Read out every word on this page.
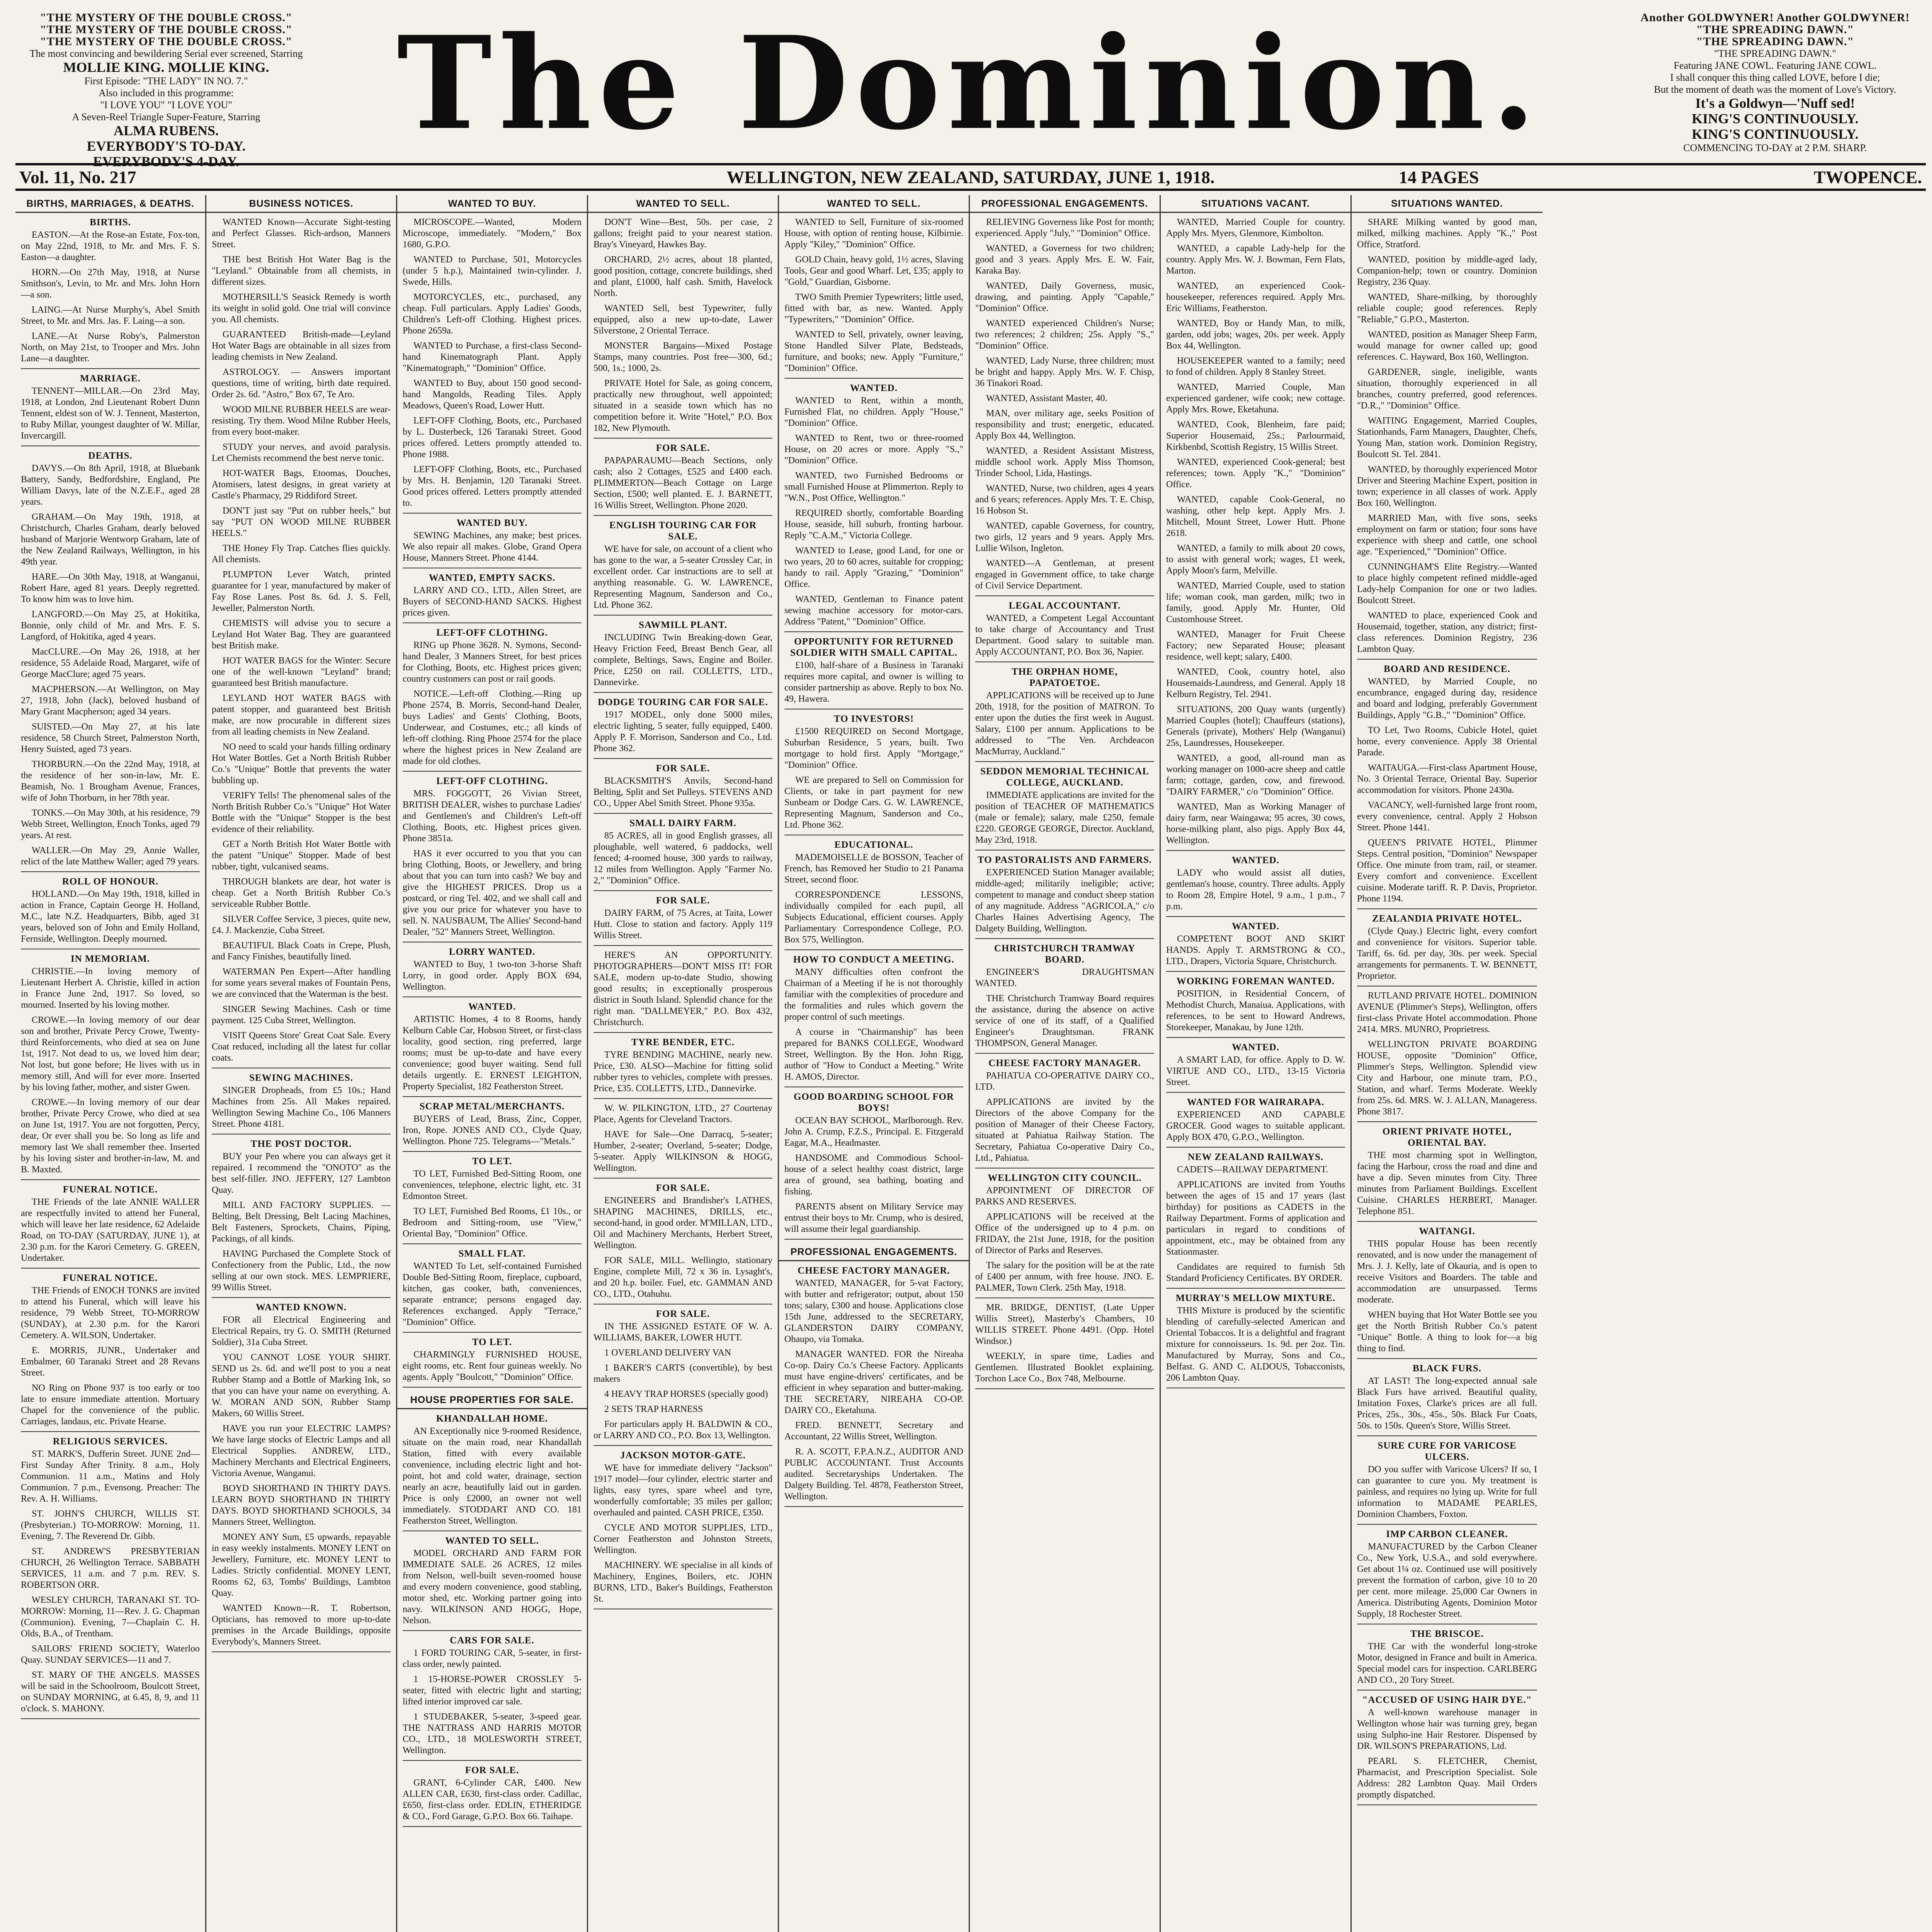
"THE MYSTERY OF THE DOUBLE CROSS."

"THE MYSTERY OF THE DOUBLE CROSS."

"THE MYSTERY OF THE DOUBLE CROSS."

The most convincing and bewildering Serial ever screened, Starring

MOLLIE KING. MOLLIE KING.

First Episode: "THE LADY" IN NO. 7."

Also included in this programme:

"I LOVE YOU" "I LOVE YOU"

A Seven-Reel Triangle Super-Feature, Starring

ALMA RUBENS.

EVERYBODY'S TO-DAY.

EVERYBODY'S 4-DAY.

The Dominion.	Another GOLDWYNER! Another GOLDWYNER!

"THE SPREADING DAWN."

"THE SPREADING DAWN."

"THE SPREADING DAWN."

Featuring JANE COWL. Featuring JANE COWL.

I shall conquer this thing called LOVE, before I die;

But the moment of death was the moment of Love's Victory.

It's a Goldwyn—'Nuff sed!

KING'S CONTINUOUSLY.

KING'S CONTINUOUSLY.

COMMENCING TO-DAY at 2 P.M. SHARP.

Vol. 11, No. 217	WELLINGTON, NEW ZEALAND, SATURDAY, JUNE 1, 1918.	14 PAGES	TWOPENCE.
BIRTHS, MARRIAGES, & DEATHS.
BIRTHS.

EASTON.—At the Rose-an Estate, Fox-ton, on May 22nd, 1918, to Mr. and Mrs. F. S. Easton—a daughter.

HORN.—On 27th May, 1918, at Nurse Smithson's, Levin, to Mr. and Mrs. John Horn—a son.

LAING.—At Nurse Murphy's, Abel Smith Street, to Mr. and Mrs. Jas. F. Laing—a son.

LANE.—At Nurse Roby's, Palmerston North, on May 21st, to Trooper and Mrs. John Lane—a daughter.

MARRIAGE.

TENNENT—MILLAR.—On 23rd May, 1918, at London, 2nd Lieutenant Robert Dunn Tennent, eldest son of W. J. Tennent, Masterton, to Ruby Millar, youngest daughter of W. Millar, Invercargill.

DEATHS.

DAVYS.—On 8th April, 1918, at Bluebank Battery, Sandy, Bedfordshire, England, Pte William Davys, late of the N.Z.E.F., aged 28 years.

GRAHAM.—On May 19th, 1918, at Christchurch, Charles Graham, dearly beloved husband of Marjorie Wentworp Graham, late of the New Zealand Railways, Wellington, in his 49th year.

HARE.—On 30th May, 1918, at Wanganui, Robert Hare, aged 81 years. Deeply regretted. To know him was to love him.

LANGFORD.—On May 25, at Hokitika, Bonnie, only child of Mr. and Mrs. F. S. Langford, of Hokitika, aged 4 years.

MacCLURE.—On May 26, 1918, at her residence, 55 Adelaide Road, Margaret, wife of George MacClure; aged 75 years.

MACPHERSON.—At Wellington, on May 27, 1918, John (Jack), beloved husband of Mary Grant Macpherson; aged 34 years.

SUISTED.—On May 27, at his late residence, 58 Church Street, Palmerston North, Henry Suisted, aged 73 years.

THORBURN.—On the 22nd May, 1918, at the residence of her son-in-law, Mr. E. Beamish, No. 1 Brougham Avenue, Frances, wife of John Thorburn, in her 78th year.

TONKS.—On May 30th, at his residence, 79 Webb Street, Wellington, Enoch Tonks, aged 79 years. At rest.

WALLER.—On May 29, Annie Waller, relict of the late Matthew Waller; aged 79 years.

ROLL OF HONOUR.

HOLLAND.—On May 19th, 1918, killed in action in France, Captain George H. Holland, M.C., late N.Z. Headquarters, Bibb, aged 31 years, beloved son of John and Emily Holland, Fernside, Wellington. Deeply mourned.

IN MEMORIAM.

CHRISTIE.—In loving memory of Lieutenant Herbert A. Christie, killed in action in France June 2nd, 1917. So loved, so mourned. Inserted by his loving mother.

CROWE.—In loving memory of our dear son and brother, Private Percy Crowe, Twenty-third Reinforcements, who died at sea on June 1st, 1917. Not dead to us, we loved him dear; Not lost, but gone before; He lives with us in memory still, And will for ever more. Inserted by his loving father, mother, and sister Gwen.

CROWE.—In loving memory of our dear brother, Private Percy Crowe, who died at sea on June 1st, 1917. You are not forgotten, Percy, dear, Or ever shall you be. So long as life and memory last We shall remember thee. Inserted by his loving sister and brother-in-law, M. and B. Maxted.

FUNERAL NOTICE.

THE Friends of the late ANNIE WALLER are respectfully invited to attend her Funeral, which will leave her late residence, 62 Adelaide Road, on TO-DAY (SATURDAY, JUNE 1), at 2.30 p.m. for the Karori Cemetery. G. GREEN, Undertaker.

FUNERAL NOTICE.

THE Friends of ENOCH TONKS are invited to attend his Funeral, which will leave his residence, 79 Webb Street, TO-MORROW (SUNDAY), at 2.30 p.m. for the Karori Cemetery. A. WILSON, Undertaker.

E. MORRIS, JUNR., Undertaker and Embalmer, 60 Taranaki Street and 28 Revans Street.

NO Ring on Phone 937 is too early or too late to ensure immediate attention. Mortuary Chapel for the convenience of the public. Carriages, landaus, etc. Private Hearse.

RELIGIOUS SERVICES.

ST. MARK'S, Dufferin Street. JUNE 2nd—First Sunday After Trinity. 8 a.m., Holy Communion. 11 a.m., Matins and Holy Communion. 7 p.m., Evensong. Preacher: The Rev. A. H. Williams.

ST. JOHN'S CHURCH, WILLIS ST. (Presbyterian.) TO-MORROW: Morning, 11. Evening, 7. The Reverend Dr. Gibb.

ST. ANDREW'S PRESBYTERIAN CHURCH, 26 Wellington Terrace. SABBATH SERVICES, 11 a.m. and 7 p.m. REV. S. ROBERTSON ORR.

WESLEY CHURCH, TARANAKI ST. TO-MORROW: Morning, 11—Rev. J. G. Chapman (Communion). Evening, 7—Chaplain C. H. Olds, B.A., of Trentham.

SAILORS' FRIEND SOCIETY, Waterloo Quay. SUNDAY SERVICES—11 and 7.

ST. MARY OF THE ANGELS. MASSES will be said in the Schoolroom, Boulcott Street, on SUNDAY MORNING, at 6.45, 8, 9, and 11 o'clock. S. MAHONY.

BUSINESS NOTICES.

WANTED Known—Accurate Sight-testing and Perfect Glasses. Rich-ardson, Manners Street.

THE best British Hot Water Bag is the "Leyland." Obtainable from all chemists, in different sizes.

MOTHERSILL'S Seasick Remedy is worth its weight in solid gold. One trial will convince you. All chemists.

GUARANTEED British-made—Leyland Hot Water Bags are obtainable in all sizes from leading chemists in New Zealand.

ASTROLOGY. — Answers important questions, time of writing, birth date required. Order 2s. 6d. "Astro," Box 67, Te Aro.

WOOD MILNE RUBBER HEELS are wear-resisting. Try them. Wood Milne Rubber Heels, from every boot-maker.

STUDY your nerves, and avoid paralysis. Let Chemists recommend the best nerve tonic.

HOT-WATER Bags, Etoomas, Douches, Atomisers, latest designs, in great variety at Castle's Pharmacy, 29 Riddiford Street.

DON'T just say "Put on rubber heels," but say "PUT ON WOOD MILNE RUBBER HEELS."

THE Honey Fly Trap. Catches flies quickly. All chemists.

PLUMPTON Lever Watch, printed guarantee for 1 year, manufactured by maker of Fay Rose Lanes. Post 8s. 6d. J. S. Fell, Jeweller, Palmerston North.

CHEMISTS will advise you to secure a Leyland Hot Water Bag. They are guaranteed best British make.

HOT WATER BAGS for the Winter: Secure one of the well-known "Leyland" brand; guaranteed best British manufacture.

LEYLAND HOT WATER BAGS with patent stopper, and guaranteed best British make, are now procurable in different sizes from all leading chemists in New Zealand.

NO need to scald your hands filling ordinary Hot Water Bottles. Get a North British Rubber Co.'s "Unique" Bottle that prevents the water bubbling up.

VERIFY Tells! The phenomenal sales of the North British Rubber Co.'s "Unique" Hot Water Bottle with the "Unique" Stopper is the best evidence of their reliability.

GET a North British Hot Water Bottle with the patent "Unique" Stopper. Made of best rubber, tight, vulcanised seams.

THROUGH blankets are dear, hot water is cheap. Get a North British Rubber Co.'s serviceable Rubber Bottle.

SILVER Coffee Service, 3 pieces, quite new, £4. J. Mackenzie, Cuba Street.

BEAUTIFUL Black Coats in Crepe, Plush, and Fancy Finishes, beautifully lined.

WATERMAN Pen Expert—After handling for some years several makes of Fountain Pens, we are convinced that the Waterman is the best.

SINGER Sewing Machines. Cash or time payment. 125 Cuba Street, Wellington.

VISIT Queens Store' Great Coat Sale. Every Coat reduced, including all the latest fur collar coats.

SEWING MACHINES.

SINGER Dropheads, from £5 10s.; Hand Machines from 25s. All Makes repaired. Wellington Sewing Machine Co., 106 Manners Street. Phone 4181.

THE POST DOCTOR.

BUY your Pen where you can always get it repaired. I recommend the "ONOTO" as the best self-filler. JNO. JEFFERY, 127 Lambton Quay.

MILL AND FACTORY SUPPLIES. —Belting, Belt Dressing, Belt Lacing Machines, Belt Fasteners, Sprockets, Chains, Piping, Packings, of all kinds.

HAVING Purchased the Complete Stock of Confectionery from the Public, Ltd., the now selling at our own stock. MES. LEMPRIERE, 99 Willis Street.

WANTED KNOWN.

FOR all Electrical Engineering and Electrical Repairs, try G. O. SMITH (Returned Soldier), 31a Cuba Street.

YOU CANNOT LOSE YOUR SHIRT. SEND us 2s. 6d. and we'll post to you a neat Rubber Stamp and a Bottle of Marking Ink, so that you can have your name on everything. A. W. MORAN AND SON, Rubber Stamp Makers, 60 Willis Street.

HAVE you run your ELECTRIC LAMPS? We have large stocks of Electric Lamps and all Electrical Supplies. ANDREW, LTD., Machinery Merchants and Electrical Engineers, Victoria Avenue, Wanganui.

BOYD SHORTHAND IN THIRTY DAYS. LEARN BOYD SHORTHAND IN THIRTY DAYS. BOYD SHORTHAND SCHOOLS, 34 Manners Street, Wellington.

MONEY ANY Sum, £5 upwards, repayable in easy weekly instalments. MONEY LENT on Jewellery, Furniture, etc. MONEY LENT to Ladies. Strictly confidential. MONEY LENT, Rooms 62, 63, Tombs' Buildings, Lambton Quay.

WANTED Known—R. T. Robertson, Opticians, has removed to more up-to-date premises in the Arcade Buildings, opposite Everybody's, Manners Street.

WANTED TO BUY.

MICROSCOPE.—Wanted, Modern Microscope, immediately. "Modern," Box 1680, G.P.O.

WANTED to Purchase, 501, Motorcycles (under 5 h.p.), Maintained twin-cylinder. J. Swede, Hills.

MOTORCYCLES, etc., purchased, any cheap. Full particulars. Apply Ladies' Goods, Children's Left-off Clothing. Highest prices. Phone 2659a.

WANTED to Purchase, a first-class Second-hand Kinematograph Plant. Apply "Kinematograph," "Dominion" Office.

WANTED to Buy, about 150 good second-hand Mangolds, Reading Tiles. Apply Meadows, Queen's Road, Lower Hutt.

LEFT-OFF Clothing, Boots, etc., Purchased by L. Dusterbeck, 126 Taranaki Street. Good prices offered. Letters promptly attended to. Phone 1988.

LEFT-OFF Clothing, Boots, etc., Purchased by Mrs. H. Benjamin, 120 Taranaki Street. Good prices offered. Letters promptly attended to.

WANTED BUY.

SEWING Machines, any make; best prices. We also repair all makes. Globe, Grand Opera House, Manners Street. Phone 4144.

WANTED, EMPTY SACKS.

LARRY AND CO., LTD., Allen Street, are Buyers of SECOND-HAND SACKS. Highest prices given.

LEFT-OFF CLOTHING.

RING up Phone 3628. N. Symons, Second-hand Dealer, 3 Manners Street, for best prices for Clothing, Boots, etc. Highest prices given; country customers can post or rail goods.

NOTICE.—Left-off Clothing.—Ring up Phone 2574, B. Morris, Second-hand Dealer, buys Ladies' and Gents' Clothing, Boots, Underwear, and Costumes, etc.; all kinds of left-off clothing. Ring Phone 2574 for the place where the highest prices in New Zealand are made for old clothes.

LEFT-OFF CLOTHING.

MRS. FOGGOTT, 26 Vivian Street, BRITISH DEALER, wishes to purchase Ladies' and Gentlemen's and Children's Left-off Clothing, Boots, etc. Highest prices given. Phone 3851a.

HAS it ever occurred to you that you can bring Clothing, Boots, or Jewellery, and bring about that you can turn into cash? We buy and give the HIGHEST PRICES. Drop us a postcard, or ring Tel. 402, and we shall call and give you our price for whatever you have to sell. N. NAUSBAUM, The Allies' Second-hand Dealer, "52" Manners Street, Wellington.

LORRY WANTED.

WANTED to Buy, 1 two-ton 3-horse Shaft Lorry, in good order. Apply BOX 694, Wellington.

WANTED.

ARTISTIC Homes, 4 to 8 Rooms, handy Kelburn Cable Car, Hobson Street, or first-class locality, good section, ring preferred, large rooms; must be up-to-date and have every convenience; good buyer waiting. Send full details urgently. E. ERNEST LEIGHTON, Property Specialist, 182 Featherston Street.

SCRAP METAL/MERCHANTS.

BUYERS of Lead, Brass, Zinc, Copper, Iron, Rope. JONES AND CO., Clyde Quay, Wellington. Phone 725. Telegrams—"Metals."

TO LET.

TO LET, Furnished Bed-Sitting Room, one conveniences, telephone, electric light, etc. 31 Edmonton Street.

TO LET, Furnished Bed Rooms, £1 10s., or Bedroom and Sitting-room, use "View," Oriental Bay, "Dominion" Office.

SMALL FLAT.

WANTED To Let, self-contained Furnished Double Bed-Sitting Room, fireplace, cupboard, kitchen, gas cooker, bath, conveniences, separate entrance; persons engaged day. References exchanged. Apply "Terrace," "Dominion" Office.

TO LET.

CHARMINGLY FURNISHED HOUSE, eight rooms, etc. Rent four guineas weekly. No agents. Apply "Boulcott," "Dominion" Office.

HOUSE PROPERTIES FOR SALE.
KHANDALLAH HOME.

AN Exceptionally nice 9-roomed Residence, situate on the main road, near Khandallah Station, fitted with every available convenience, including electric light and hot-point, hot and cold water, drainage, section nearly an acre, beautifully laid out in garden. Price is only £2000, an owner not well immediately. STODDART AND CO. 181 Featherston Street, Wellington.

WANTED TO SELL.

MODEL ORCHARD AND FARM FOR IMMEDIATE SALE. 26 ACRES, 12 miles from Nelson, well-built seven-roomed house and every modern convenience, good stabling, motor shed, etc. Working partner going into navy. WILKINSON AND HOGG, Hope, Nelson.

CARS FOR SALE.

1 FORD TOURING CAR, 5-seater, in first-class order, newly painted.

1 15-HORSE-POWER CROSSLEY 5-seater, fitted with electric light and starting; lifted interior improved car sale.

1 STUDEBAKER, 5-seater, 3-speed gear. THE NATTRASS AND HARRIS MOTOR CO., LTD., 18 MOLESWORTH STREET, Wellington.

FOR SALE.

GRANT, 6-Cylinder CAR, £400. New ALLEN CAR, £630, first-class order. Cadillac, £650, first-class order. EDLIN, ETHERIDGE & CO., Ford Garage, G.P.O. Box 66. Taihape.

WANTED TO SELL.

DON'T Wine—Best, 50s. per case, 2 gallons; freight paid to your nearest station. Bray's Vineyard, Hawkes Bay.

ORCHARD, 2½ acres, about 18 planted, good position, cottage, concrete buildings, shed and plant, £1000, half cash. Smith, Havelock North.

WANTED Sell, best Typewriter, fully equipped, also a new up-to-date, Lawer Silverstone, 2 Oriental Terrace.

MONSTER Bargains—Mixed Postage Stamps, many countries. Post free—300, 6d.; 500, 1s.; 1000, 2s.

PRIVATE Hotel for Sale, as going concern, practically new throughout, well appointed; situated in a seaside town which has no competition before it. Write "Hotel," P.O. Box 182, New Plymouth.

FOR SALE.

PAPAPARAUMU—Beach Sections, only cash; also 2 Cottages, £525 and £400 each. PLIMMERTON—Beach Cottage on Large Section, £500; well planted. E. J. BARNETT, 16 Willis Street, Wellington. Phone 2020.

ENGLISH TOURING CAR FOR SALE.

WE have for sale, on account of a client who has gone to the war, a 5-seater Crossley Car, in excellent order. Car instructions are to sell at anything reasonable. G. W. LAWRENCE, Representing Magnum, Sanderson and Co., Ltd. Phone 362.

SAWMILL PLANT.

INCLUDING Twin Breaking-down Gear, Heavy Friction Feed, Breast Bench Gear, all complete, Beltings, Saws, Engine and Boiler. Price, £250 on rail. COLLETTS, LTD., Dannevirke.

DODGE TOURING CAR FOR SALE.

1917 MODEL, only done 5000 miles, electric lighting, 5 seater, fully equipped, £400. Apply P. F. Morrison, Sanderson and Co., Ltd. Phone 362.

FOR SALE.

BLACKSMITH'S Anvils, Second-hand Belting, Split and Set Pulleys. STEVENS AND CO., Upper Abel Smith Street. Phone 935a.

SMALL DAIRY FARM.

85 ACRES, all in good English grasses, all ploughable, well watered, 6 paddocks, well fenced; 4-roomed house, 300 yards to railway, 12 miles from Wellington. Apply "Farmer No. 2," "Dominion" Office.

FOR SALE.

DAIRY FARM, of 75 Acres, at Taita, Lower Hutt. Close to station and factory. Apply 119 Willis Street.

HERE'S AN OPPORTUNITY. PHOTOGRAPHERS—DON'T MISS IT! FOR SALE, modern up-to-date Studio, showing good results; in exceptionally prosperous district in South Island. Splendid chance for the right man. "DALLMEYER," P.O. Box 432, Christchurch.

TYRE BENDER, ETC.

TYRE BENDING MACHINE, nearly new. Price, £30. ALSO—Machine for fitting solid rubber tyres to vehicles, complete with presses. Price, £35. COLLETTS, LTD., Dannevirke.

W. W. PILKINGTON, LTD., 27 Courtenay Place, Agents for Cleveland Tractors.

HAVE for Sale—One Darracq, 5-seater; Humber, 2-seater; Overland, 5-seater; Dodge, 5-seater. Apply WILKINSON & HOGG, Wellington.

FOR SALE.

ENGINEERS and Brandisher's LATHES, SHAPING MACHINES, DRILLS, etc., second-hand, in good order. M'MILLAN, LTD., Oil and Machinery Merchants, Herbert Street, Wellington.

FOR SALE, MILL. Wellingto, stationary Engine, complete Mill, 72 x 36 in. Lysaght's, and 20 h.p. boiler. Fuel, etc. GAMMAN AND CO., LTD., Otahuhu.

FOR SALE.

IN THE ASSIGNED ESTATE OF W. A. WILLIAMS, BAKER, LOWER HUTT.

1 OVERLAND DELIVERY VAN

1 BAKER'S CARTS (convertible), by best makers

4 HEAVY TRAP HORSES (specially good)

2 SETS TRAP HARNESS

For particulars apply H. BALDWIN & CO., or LARRY AND CO., P.O. Box 13, Wellington.

JACKSON MOTOR-GATE.

WE have for immediate delivery "Jackson" 1917 model—four cylinder, electric starter and lights, easy tyres, spare wheel and tyre, wonderfully comfortable; 35 miles per gallon; overhauled and painted. CASH PRICE, £350.

CYCLE AND MOTOR SUPPLIES, LTD., Corner Featherston and Johnston Streets, Wellington.

MACHINERY. WE specialise in all kinds of Machinery, Engines, Boilers, etc. JOHN BURNS, LTD., Baker's Buildings, Featherston St.

WANTED TO SELL.

WANTED to Sell, Furniture of six-roomed House, with option of renting house, Kilbirnie. Apply "Kiley," "Dominion" Office.

GOLD Chain, heavy gold, 1½ acres, Slaving Tools, Gear and good Wharf. Let, £35; apply to "Gold," Guardian, Gisborne.

TWO Smith Premier Typewriters; little used, fitted with bar, as new. Wanted. Apply "Typewriters," "Dominion" Office.

WANTED to Sell, privately, owner leaving, Stone Handled Silver Plate, Bedsteads, furniture, and books; new. Apply "Furniture," "Dominion" Office.

WANTED.

WANTED to Rent, within a month, Furnished Flat, no children. Apply "House," "Dominion" Office.

WANTED to Rent, two or three-roomed House, on 20 acres or more. Apply "S.," "Dominion" Office.

WANTED, two Furnished Bedrooms or small Furnished House at Plimmerton. Reply to "W.N., Post Office, Wellington."

REQUIRED shortly, comfortable Boarding House, seaside, hill suburb, fronting harbour. Reply "C.A.M.," Victoria College.

WANTED to Lease, good Land, for one or two years, 20 to 60 acres, suitable for cropping; handy to rail. Apply "Grazing," "Dominion" Office.

WANTED, Gentleman to Finance patent sewing machine accessory for motor-cars. Address "Patent," "Dominion" Office.

OPPORTUNITY FOR RETURNED SOLDIER WITH SMALL CAPITAL.

£100, half-share of a Business in Taranaki requires more capital, and owner is willing to consider partnership as above. Reply to box No. 49, Hawera.

TO INVESTORS!

£1500 REQUIRED on Second Mortgage, Suburban Residence, 5 years, built. Two mortgage to hold first. Apply "Mortgage," "Dominion" Office.

WE are prepared to Sell on Commission for Clients, or take in part payment for new Sunbeam or Dodge Cars. G. W. LAWRENCE, Representing Magnum, Sanderson and Co., Ltd. Phone 362.

EDUCATIONAL.

MADEMOISELLE de BOSSON, Teacher of French, has Removed her Studio to 21 Panama Street, second floor.

CORRESPONDENCE LESSONS, individually compiled for each pupil, all Subjects Educational, efficient courses. Apply Parliamentary Correspondence College, P.O. Box 575, Wellington.

HOW TO CONDUCT A MEETING.

MANY difficulties often confront the Chairman of a Meeting if he is not thoroughly familiar with the complexities of procedure and the formalities and rules which govern the proper control of such meetings.

A course in "Chairmanship" has been prepared for BANKS COLLEGE, Woodward Street, Wellington. By the Hon. John Rigg, author of "How to Conduct a Meeting." Write H. AMOS, Director.

GOOD BOARDING SCHOOL FOR BOYS!

OCEAN BAY SCHOOL, Marlborough. Rev. John A. Crump, F.Z.S., Principal. E. Fitzgerald Eagar, M.A., Headmaster.

HANDSOME and Commodious School-house of a select healthy coast district, large area of ground, sea bathing, boating and fishing.

PARENTS absent on Military Service may entrust their boys to Mr. Crump, who is desired, will assume their legal guardianship.

PROFESSIONAL ENGAGEMENTS.
CHEESE FACTORY MANAGER.

WANTED, MANAGER, for 5-vat Factory, with butter and refrigerator; output, about 150 tons; salary, £300 and house. Applications close 15th June, addressed to the SECRETARY, GLANDERSTON DAIRY COMPANY, Ohaupo, via Tomaka.

MANAGER WANTED. FOR the Nireaha Co-op. Dairy Co.'s Cheese Factory. Applicants must have engine-drivers' certificates, and be efficient in whey separation and butter-making. THE SECRETARY, NIREAHA CO-OP. DAIRY CO., Eketahuna.

FRED. BENNETT, Secretary and Accountant, 22 Willis Street, Wellington.

R. A. SCOTT, F.P.A.N.Z., AUDITOR AND PUBLIC ACCOUNTANT. Trust Accounts audited. Secretaryships Undertaken. The Dalgety Building. Tel. 4878, Featherston Street, Wellington.

PROFESSIONAL ENGAGEMENTS.

RELIEVING Governess like Post for month; experienced. Apply "July," "Dominion" Office.

WANTED, a Governess for two children; good and 3 years. Apply Mrs. E. W. Fair, Karaka Bay.

WANTED, Daily Governess, music, drawing, and painting. Apply "Capable," "Dominion" Office.

WANTED experienced Children's Nurse; two references; 2 children; 25s. Apply "S.," "Dominion" Office.

WANTED, Lady Nurse, three children; must be bright and happy. Apply Mrs. W. F. Chisp, 36 Tinakori Road.

WANTED, Assistant Master, 40.

MAN, over military age, seeks Position of responsibility and trust; energetic, educated. Apply Box 44, Wellington.

WANTED, a Resident Assistant Mistress, middle school work. Apply Miss Thomson, Trinder School, Lida, Hastings.

WANTED, Nurse, two children, ages 4 years and 6 years; references. Apply Mrs. T. E. Chisp, 16 Hobson St.

WANTED, capable Governess, for country, two girls, 12 years and 9 years. Apply Mrs. Lullie Wilson, Ingleton.

WANTED—A Gentleman, at present engaged in Government office, to take charge of Civil Service Department.

LEGAL ACCOUNTANT.

WANTED, a Competent Legal Accountant to take charge of Accountancy and Trust Department. Good salary to suitable man. Apply ACCOUNTANT, P.O. Box 36, Napier.

THE ORPHAN HOME, PAPATOETOE.

APPLICATIONS will be received up to June 20th, 1918, for the position of MATRON. To enter upon the duties the first week in August. Salary, £100 per annum. Applications to be addressed to "The Ven. Archdeacon MacMurray, Auckland."

SEDDON MEMORIAL TECHNICAL COLLEGE, AUCKLAND.

IMMEDIATE applications are invited for the position of TEACHER OF MATHEMATICS (male or female); salary, male £250, female £220. GEORGE GEORGE, Director. Auckland, May 23rd, 1918.

TO PASTORALISTS AND FARMERS.

EXPERIENCED Station Manager available; middle-aged; militarily ineligible; active; competent to manage and conduct sheep station of any magnitude. Address "AGRICOLA," c/o Charles Haines Advertising Agency, The Dalgety Building, Wellington.

CHRISTCHURCH TRAMWAY BOARD.

ENGINEER'S DRAUGHTSMAN WANTED.

THE Christchurch Tramway Board requires the assistance, during the absence on active service of one of its staff, of a Qualified Engineer's Draughtsman. FRANK THOMPSON, General Manager.

CHEESE FACTORY MANAGER.

PAHIATUA CO-OPERATIVE DAIRY CO., LTD.

APPLICATIONS are invited by the Directors of the above Company for the position of Manager of their Cheese Factory, situated at Pahiatua Railway Station. The Secretary, Pahiatua Co-operative Dairy Co., Ltd., Pahiatua.

WELLINGTON CITY COUNCIL.

APPOINTMENT OF DIRECTOR OF PARKS AND RESERVES.

APPLICATIONS will be received at the Office of the undersigned up to 4 p.m. on FRIDAY, the 21st June, 1918, for the position of Director of Parks and Reserves.

The salary for the position will be at the rate of £400 per annum, with free house. JNO. E. PALMER, Town Clerk. 25th May, 1918.

MR. BRIDGE, DENTIST, (Late Upper Willis Street), Masterby's Chambers, 10 WILLIS STREET. Phone 4491. (Opp. Hotel Windsor.)

WEEKLY, in spare time, Ladies and Gentlemen. Illustrated Booklet explaining. Torchon Lace Co., Box 748, Melbourne.

SITUATIONS VACANT.

WANTED, Married Couple for country. Apply Mrs. Myers, Glenmore, Kimbolton.

WANTED, a capable Lady-help for the country. Apply Mrs. W. J. Bowman, Fern Flats, Marton.

WANTED, an experienced Cook-housekeeper, references required. Apply Mrs. Eric Williams, Featherston.

WANTED, Boy or Handy Man, to milk, garden, odd jobs; wages, 20s. per week. Apply Box 44, Wellington.

HOUSEKEEPER wanted to a family; need to fond of children. Apply 8 Stanley Street.

WANTED, Married Couple, Man experienced gardener, wife cook; new cottage. Apply Mrs. Rowe, Eketahuna.

WANTED, Cook, Blenheim, fare paid; Superior Housemaid, 25s.; Parlourmaid, Kirkbenbd, Scottish Registry, 15 Willis Street.

WANTED, experienced Cook-general; best references; town. Apply "K.," "Dominion" Office.

WANTED, capable Cook-General, no washing, other help kept. Apply Mrs. J. Mitchell, Mount Street, Lower Hutt. Phone 2618.

WANTED, a family to milk about 20 cows, to assist with general work; wages, £1 week, Apply Moon's farm, Melville.

WANTED, Married Couple, used to station life; woman cook, man garden, milk; two in family, good. Apply Mr. Hunter, Old Customhouse Street.

WANTED, Manager for Fruit Cheese Factory; new Separated House; pleasant residence, well kept; salary, £400.

WANTED, Cook, country hotel, also Housemaids-Laundress, and General. Apply 18 Kelburn Registry, Tel. 2941.

SITUATIONS, 200 Quay wants (urgently) Married Couples (hotel); Chauffeurs (stations), Generals (private), Mothers' Help (Wanganui) 25s, Laundresses, Housekeeper.

WANTED, a good, all-round man as working manager on 1000-acre sheep and cattle farm; cottage, garden, cow, and firewood. "DAIRY FARMER," c/o "Dominion" Office.

WANTED, Man as Working Manager of dairy farm, near Waingawa; 95 acres, 30 cows, horse-milking plant, also pigs. Apply Box 44, Wellington.

WANTED.

LADY who would assist all duties, gentleman's house, country. Three adults. Apply to Room 28, Empire Hotel, 9 a.m., 1 p.m., 7 p.m.

WANTED.

COMPETENT BOOT AND SKIRT HANDS. Apply T. ARMSTRONG & CO., LTD., Drapers, Victoria Square, Christchurch.

WORKING FOREMAN WANTED.

POSITION, in Residential Concern, of Methodist Church, Manaiua. Applications, with references, to be sent to Howard Andrews, Storekeeper, Manakau, by June 12th.

WANTED.

A SMART LAD, for office. Apply to D. W. VIRTUE AND CO., LTD., 13-15 Victoria Street.

WANTED FOR WAIRARAPA.

EXPERIENCED AND CAPABLE GROCER. Good wages to suitable applicant. Apply BOX 470, G.P.O., Wellington.

NEW ZEALAND RAILWAYS.

CADETS—RAILWAY DEPARTMENT.

APPLICATIONS are invited from Youths between the ages of 15 and 17 years (last birthday) for positions as CADETS in the Railway Department. Forms of application and particulars in regard to conditions of appointment, etc., may be obtained from any Stationmaster.

Candidates are required to furnish 5th Standard Proficiency Certificates. BY ORDER.

MURRAY'S MELLOW MIXTURE.

THIS Mixture is produced by the scientific blending of carefully-selected American and Oriental Tobaccos. It is a delightful and fragrant mixture for connoisseurs. 1s. 9d. per 2oz. Tin. Manufactured by Murray, Sons and Co., Belfast. G. AND C. ALDOUS, Tobacconists, 206 Lambton Quay.

SITUATIONS WANTED.

SHARE Milking wanted by good man, milked, milking machines. Apply "K.," Post Office, Stratford.

WANTED, position by middle-aged lady, Companion-help; town or country. Dominion Registry, 236 Quay.

WANTED, Share-milking, by thoroughly reliable couple; good references. Reply "Reliable," G.P.O., Masterton.

WANTED, position as Manager Sheep Farm, would manage for owner called up; good references. C. Hayward, Box 160, Wellington.

GARDENER, single, ineligible, wants situation, thoroughly experienced in all branches, country preferred, good references. "D.R.," "Dominion" Office.

WAITING Engagement, Married Couples, Stationhands, Farm Managers, Daughter, Chefs, Young Man, station work. Dominion Registry, Boulcott St. Tel. 2841.

WANTED, by thoroughly experienced Motor Driver and Steering Machine Expert, position in town; experience in all classes of work. Apply Box 160, Wellington.

MARRIED Man, with five sons, seeks employment on farm or station; four sons have experience with sheep and cattle, one school age. "Experienced," "Dominion" Office.

CUNNINGHAM'S Elite Registry.—Wanted to place highly competent refined middle-aged Lady-help Companion for one or two ladies. Boulcott Street.

WANTED to place, experienced Cook and Housemaid, together, station, any district; first-class references. Dominion Registry, 236 Lambton Quay.

BOARD AND RESIDENCE.

WANTED, by Married Couple, no encumbrance, engaged during day, residence and board and lodging, preferably Government Buildings, Apply "G.B.," "Dominion" Office.

TO Let, Two Rooms, Cubicle Hotel, quiet home, every convenience. Apply 38 Oriental Parade.

WAITAUGA.—First-class Apartment House, No. 3 Oriental Terrace, Oriental Bay. Superior accommodation for visitors. Phone 2430a.

VACANCY, well-furnished large front room, every convenience, central. Apply 2 Hobson Street. Phone 1441.

QUEEN'S PRIVATE HOTEL, Plimmer Steps. Central position, "Dominion" Newspaper Office. One minute from tram, rail, or steamer. Every comfort and convenience. Excellent cuisine. Moderate tariff. R. P. Davis, Proprietor. Phone 1194.

ZEALANDIA PRIVATE HOTEL.

(Clyde Quay.) Electric light, every comfort and convenience for visitors. Superior table. Tariff, 6s. 6d. per day, 30s. per week. Special arrangements for permanents. T. W. BENNETT, Proprietor.

RUTLAND PRIVATE HOTEL. DOMINION AVENUE (Plimmer's Steps), Wellington, offers first-class Private Hotel accommodation. Phone 2414. MRS. MUNRO, Proprietress.

WELLINGTON PRIVATE BOARDING HOUSE, opposite "Dominion" Office, Plimmer's Steps, Wellington. Splendid view City and Harbour, one minute tram, P.O., Station, and wharf. Terms Moderate. Weekly from 25s. 6d. MRS. W. J. ALLAN, Manageress. Phone 3817.

ORIENT PRIVATE HOTEL, ORIENTAL BAY.

THE most charming spot in Wellington, facing the Harbour, cross the road and dine and have a dip. Seven minutes from City. Three minutes from Parliament Buildings. Excellent Cuisine. CHARLES HERBERT, Manager. Telephone 851.

WAITANGI.

THIS popular House has been recently renovated, and is now under the management of Mrs. J. J. Kelly, late of Okauria, and is open to receive Visitors and Boarders. The table and accommodation are unsurpassed. Terms moderate.

WHEN buying that Hot Water Bottle see you get the North British Rubber Co.'s patent "Unique" Bottle. A thing to look for—a big thing to find.

BLACK FURS.

AT LAST! The long-expected annual sale Black Furs have arrived. Beautiful quality, Imitation Foxes, Clarke's prices are all full. Prices, 25s., 30s., 45s., 50s. Black Fur Coats, 50s. to 150s. Queen's Store, Willis Street.

SURE CURE FOR VARICOSE ULCERS.

DO you suffer with Varicose Ulcers? If so, I can guarantee to cure you. My treatment is painless, and requires no lying up. Write for full information to MADAME PEARLES, Dominion Chambers, Foxton.

IMP CARBON CLEANER.

MANUFACTURED by the Carbon Cleaner Co., New York, U.S.A., and sold everywhere. Get about 1¼ oz. Continued use will positively prevent the formation of carbon, give 10 to 20 per cent. more mileage. 25,000 Car Owners in America. Distributing Agents, Dominion Motor Supply, 18 Rochester Street.

THE BRISCOE.

THE Car with the wonderful long-stroke Motor, designed in France and built in America. Special model cars for inspection. CARLBERG AND CO., 20 Tory Street.

"ACCUSED OF USING HAIR DYE."

A well-known warehouse manager in Wellington whose hair was turning grey, began using Sulpho-ine Hair Restorer. Dispensed by DR. WILSON'S PREPARATIONS, Ltd.

PEARL S. FLETCHER, Chemist, Pharmacist, and Prescription Specialist. Sole Address: 282 Lambton Quay. Mail Orders promptly dispatched.
